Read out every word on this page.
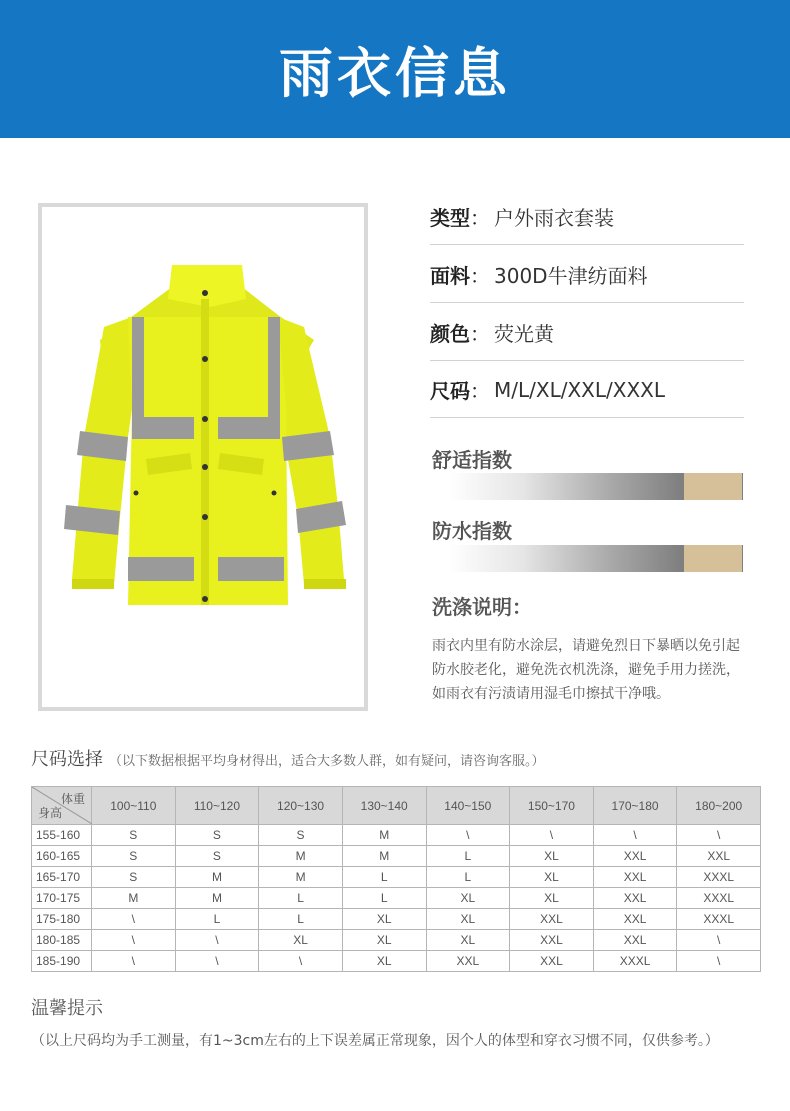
雨衣信息
类型 ： 户外雨衣套装
面料 ： 300D牛津纺面料
颜色 ： 荧光黄
尺码 ： M/L/XL/XXL/XXXL
舒适指数
防水指数
洗涤说明：

雨衣内里有防水涂层，请避免烈日下暴晒以免引起防水胶老化，避免洗衣机洗涤，避免手用力搓洗，如雨衣有污渍请用湿毛巾擦拭干净哦。

尺码选择 （以下数据根据平均身材得出，适合大多数人群，如有疑问，请咨询客服。）
体重
身高	100~110	110~120	120~130	130~140	140~150	150~170	170~180	180~200
155-160	S	S	S	M	\	\	\	\
160-165	S	S	M	M	L	XL	XXL	XXL
165-170	S	M	M	L	L	XL	XXL	XXXL
170-175	M	M	L	L	XL	XL	XXL	XXXL
175-180	\	L	L	XL	XL	XXL	XXL	XXXL
180-185	\	\	XL	XL	XL	XXL	XXL	\
185-190	\	\	\	XL	XXL	XXL	XXXL	\
温馨提示
（以上尺码均为手工测量，有1~3cm左右的上下误差属正常现象，因个人的体型和穿衣习惯不同，仅供参考。）
